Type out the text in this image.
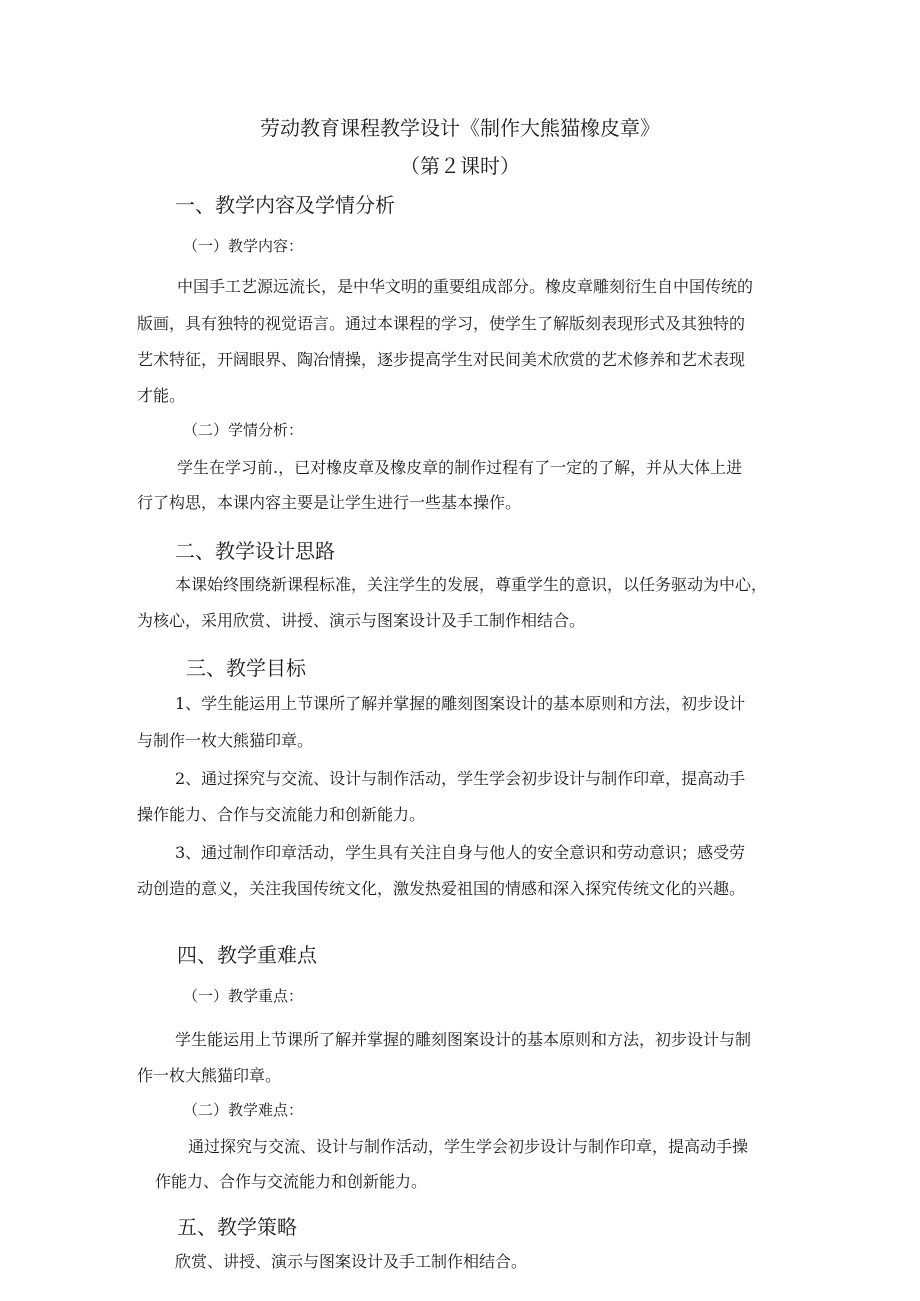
劳动教育课程教学设计《制作大熊猫橡皮章》
（第２课时）
一、教学内容及学情分析
（一）教学内容：
中国手工艺源远流长，是中华文明的重要组成部分。橡皮章雕刻衍生自中国传统的
版画，具有独特的视觉语言。通过本课程的学习，使学生了解版刻表现形式及其独特的
艺术特征，开阔眼界、陶冶情操，逐步提高学生对民间美术欣赏的艺术修养和艺术表现
才能。
（二）学情分析：
学生在学习前.，已对橡皮章及橡皮章的制作过程有了一定的了解，并从大体上进
行了构思，本课内容主要是让学生进行一些基本操作。
二、教学设计思路
本课始终围绕新课程标准，关注学生的发展，尊重学生的意识，以任务驱动为中心，
为核心，采用欣赏、讲授、演示与图案设计及手工制作相结合。
三、教学目标
1、学生能运用上节课所了解并掌握的雕刻图案设计的基本原则和方法，初步设计
与制作一枚大熊猫印章。
2、通过探究与交流、设计与制作活动，学生学会初步设计与制作印章，提高动手
操作能力、合作与交流能力和创新能力。
3、通过制作印章活动，学生具有关注自身与他人的安全意识和劳动意识；感受劳
动创造的意义，关注我国传统文化，激发热爱祖国的情感和深入探究传统文化的兴趣。
四、教学重难点
（一）教学重点：
学生能运用上节课所了解并掌握的雕刻图案设计的基本原则和方法，初步设计与制
作一枚大熊猫印章。
（二）教学难点：
通过探究与交流、设计与制作活动，学生学会初步设计与制作印章，提高动手操
作能力、合作与交流能力和创新能力。
五、教学策略
欣赏、讲授、演示与图案设计及手工制作相结合。
